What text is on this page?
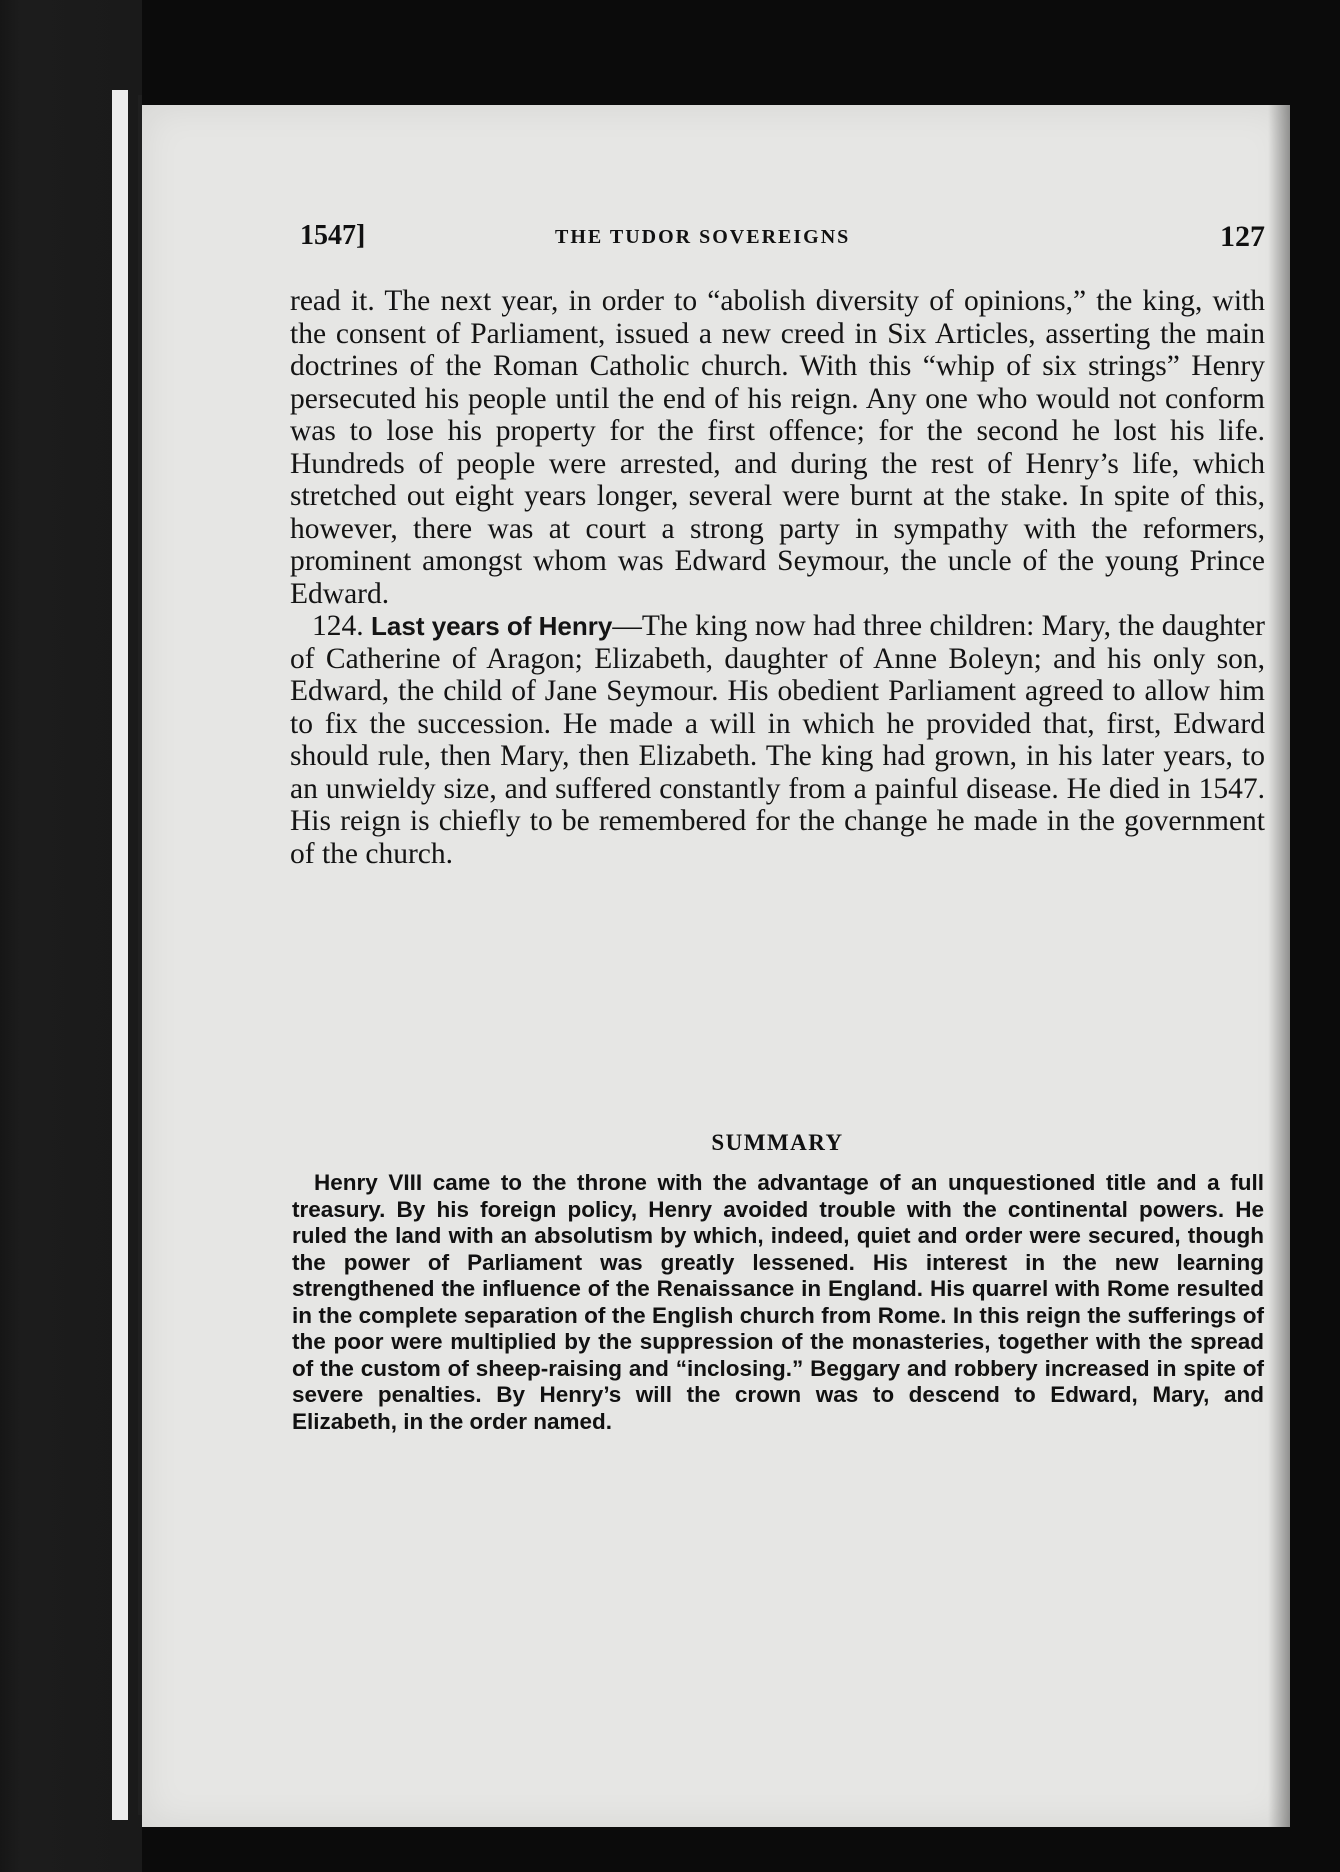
1547]	THE TUDOR SOVEREIGNS	127

read it. The next year, in order to “abolish diversity of opinions,” the king, with the consent of Parliament, issued a new creed in Six Articles, asserting the main doctrines of the Roman Catholic church. With this “whip of six strings” Henry persecuted his people until the end of his reign. Any one who would not conform was to lose his property for the first offence; for the second he lost his life. Hundreds of people were arrested, and during the rest of Henry’s life, which stretched out eight years longer, several were burnt at the stake. In spite of this, however, there was at court a strong party in sympathy with the reformers, prominent amongst whom was Edward Seymour, the uncle of the young Prince Edward.

124. Last years of Henry—The king now had three children: Mary, the daughter of Catherine of Aragon; Elizabeth, daughter of Anne Boleyn; and his only son, Edward, the child of Jane Seymour. His obedient Parliament agreed to allow him to fix the succession. He made a will in which he provided that, first, Edward should rule, then Mary, then Elizabeth. The king had grown, in his later years, to an unwieldy size, and suffered constantly from a painful disease. He died in 1547. His reign is chiefly to be remembered for the change he made in the government of the church.

SUMMARY

Henry VIII came to the throne with the advantage of an unquestioned title and a full treasury. By his foreign policy, Henry avoided trouble with the continental powers. He ruled the land with an absolutism by which, indeed, quiet and order were secured, though the power of Parliament was greatly lessened. His interest in the new learning strengthened the influence of the Renaissance in England. His quarrel with Rome resulted in the complete separation of the English church from Rome. In this reign the sufferings of the poor were multiplied by the suppression of the monasteries, together with the spread of the custom of sheep-raising and “inclosing.” Beggary and robbery increased in spite of severe penalties. By Henry’s will the crown was to descend to Edward, Mary, and Elizabeth, in the order named.
